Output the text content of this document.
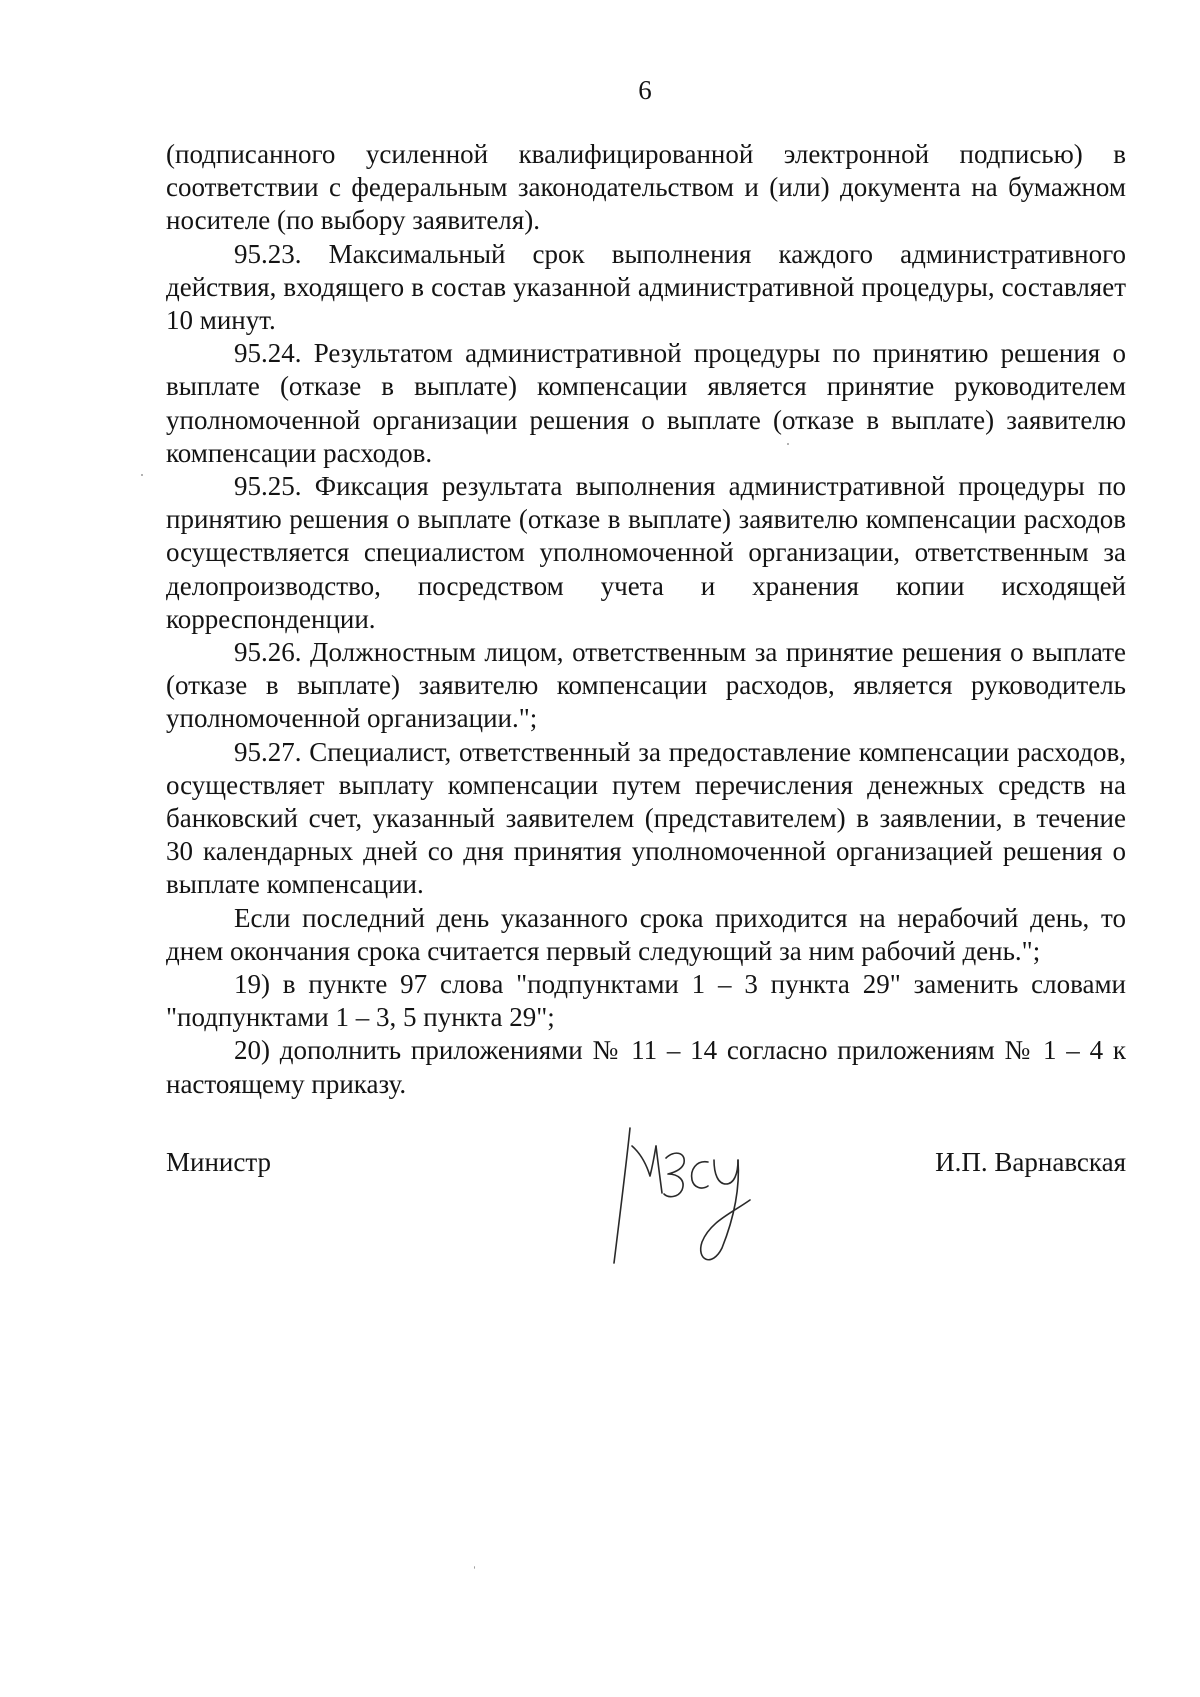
6

(подписанного усиленной квалифицированной электронной подписью) в соответствии с федеральным законодательством и (или) документа на бумажном носителе (по выбору заявителя).

95.23. Максимальный срок выполнения каждого административного действия, входящего в состав указанной административной процедуры, составляет 10 минут.

95.24. Результатом административной процедуры по принятию решения о выплате (отказе в выплате) компенсации является принятие руководителем уполномоченной организации решения о выплате (отказе в выплате) заявителю компенсации расходов.

95.25. Фиксация результата выполнения административной процедуры по принятию решения о выплате (отказе в выплате) заявителю компенсации расходов осуществляется специалистом уполномоченной организации, ответственным за делопроизводство, посредством учета и хранения копии исходящей корреспонденции.

95.26. Должностным лицом, ответственным за принятие решения о выплате (отказе в выплате) заявителю компенсации расходов, является руководитель уполномоченной организации.";

95.27. Специалист, ответственный за предоставление компенсации расходов, осуществляет выплату компенсации путем перечисления денежных средств на банковский счет, указанный заявителем (представителем) в заявлении, в течение 30 календарных дней со дня принятия уполномоченной организацией решения о выплате компенсации.

Если последний день указанного срока приходится на нерабочий день, то днем окончания срока считается первый следующий за ним рабочий день.";

19) в пункте 97 слова "подпунктами 1 – 3 пункта 29" заменить словами "подпунктами 1 – 3, 5 пункта 29";

20) дополнить приложениями № 11 – 14 согласно приложениям № 1 – 4 к настоящему приказу.

Министр	И.П. Варнавская
